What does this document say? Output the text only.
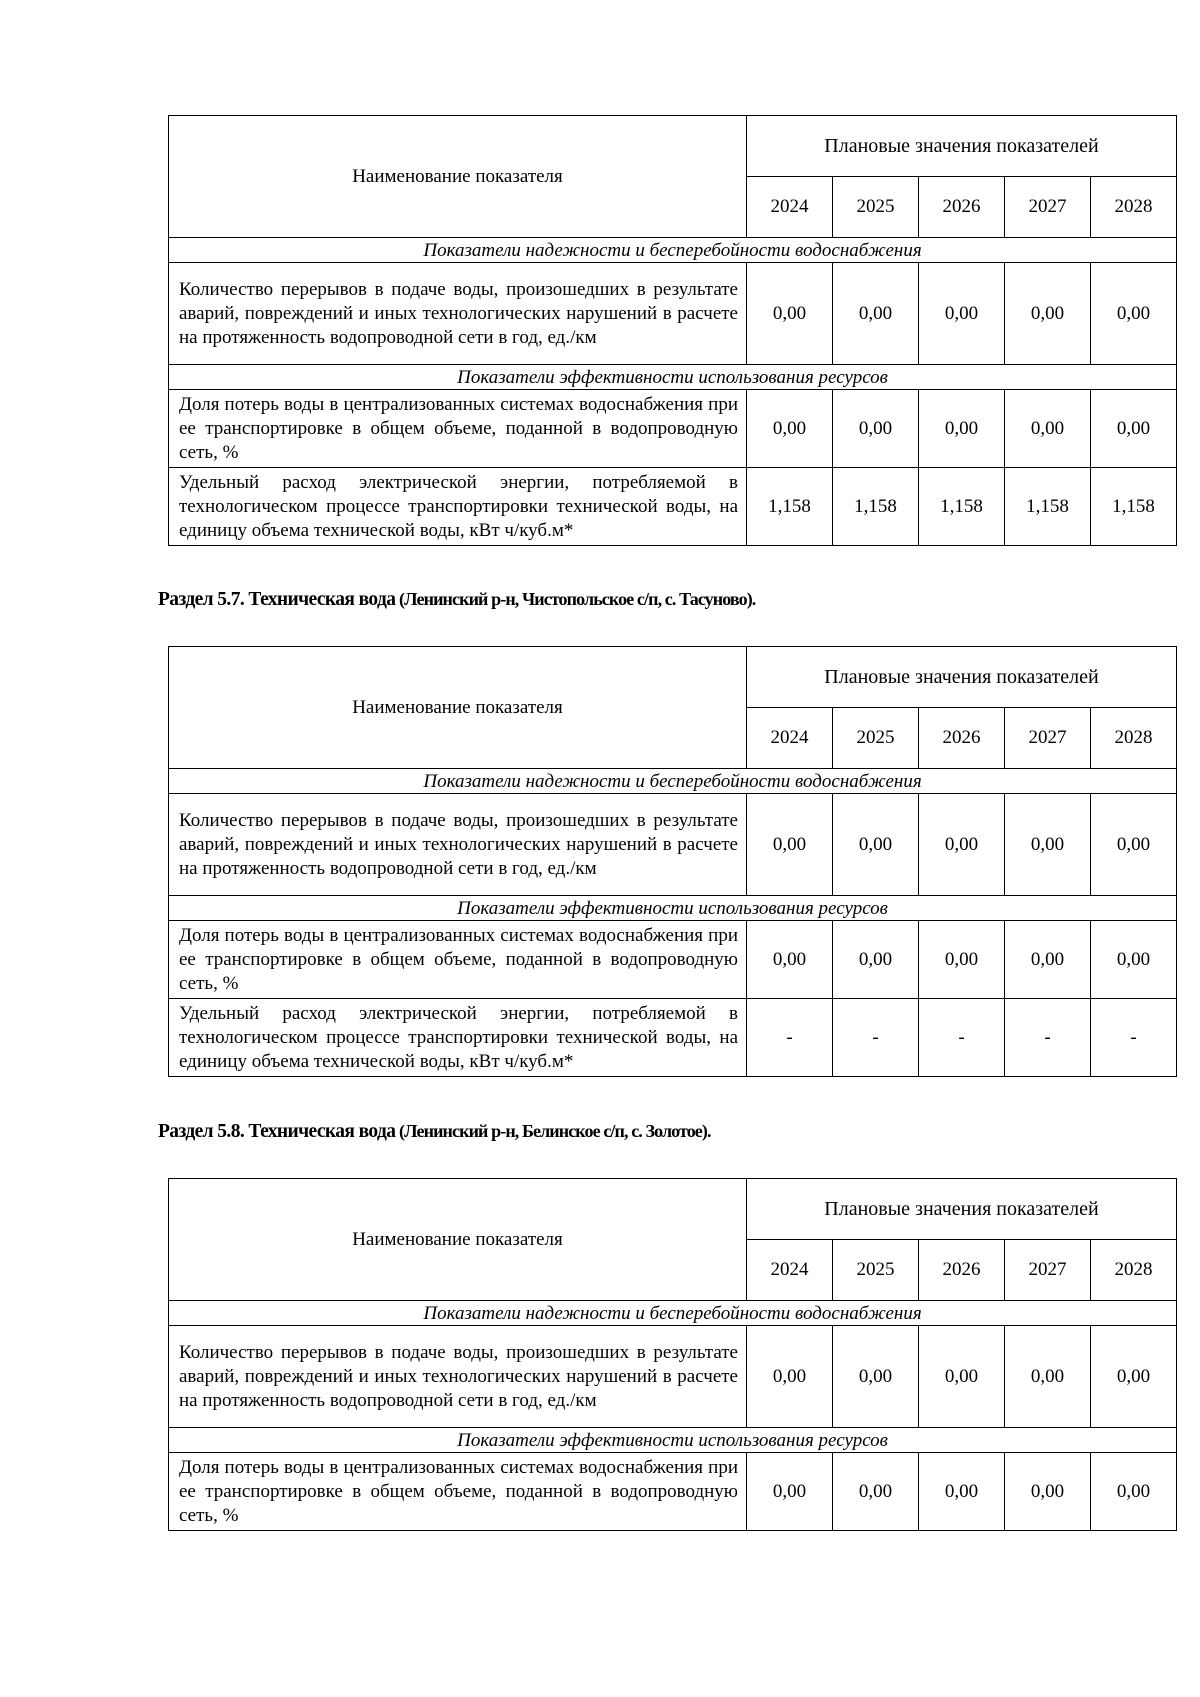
Наименование показателя	Плановые значения показателей				
	2024	2025	2026	2027	2028
Показатели надежности и бесперебойности водоснабжения					
Количество перерывов в подаче воды, произошедших в результате аварий, повреждений и иных технологических нарушений в расчете на протяженность водопроводной сети в год, ед./км	0,00	0,00	0,00	0,00	0,00
Показатели эффективности использования ресурсов					
Доля потерь воды в централизованных системах водоснабжения при ее транспортировке в общем объеме, поданной в водопроводную сеть, %	0,00	0,00	0,00	0,00	0,00
Удельный расход электрической энергии, потребляемой в технологическом процессе транспортировки технической воды, на единицу объема технической воды, кВт ч/куб.м*	1,158	1,158	1,158	1,158	1,158
Раздел 5.7. Техническая вода (Ленинский р-н, Чистопольское с/п, с. Тасуново).
Наименование показателя	Плановые значения показателей				
	2024	2025	2026	2027	2028
Показатели надежности и бесперебойности водоснабжения					
Количество перерывов в подаче воды, произошедших в результате аварий, повреждений и иных технологических нарушений в расчете на протяженность водопроводной сети в год, ед./км	0,00	0,00	0,00	0,00	0,00
Показатели эффективности использования ресурсов					
Доля потерь воды в централизованных системах водоснабжения при ее транспортировке в общем объеме, поданной в водопроводную сеть, %	0,00	0,00	0,00	0,00	0,00
Удельный расход электрической энергии, потребляемой в технологическом процессе транспортировки технической воды, на единицу объема технической воды, кВт ч/куб.м*	-	-	-	-	-
Раздел 5.8. Техническая вода (Ленинский р-н, Белинское с/п, с. Золотое).
Наименование показателя	Плановые значения показателей				
	2024	2025	2026	2027	2028
Показатели надежности и бесперебойности водоснабжения					
Количество перерывов в подаче воды, произошедших в результате аварий, повреждений и иных технологических нарушений в расчете на протяженность водопроводной сети в год, ед./км	0,00	0,00	0,00	0,00	0,00
Показатели эффективности использования ресурсов					
Доля потерь воды в централизованных системах водоснабжения при ее транспортировке в общем объеме, поданной в водопроводную сеть, %	0,00	0,00	0,00	0,00	0,00
